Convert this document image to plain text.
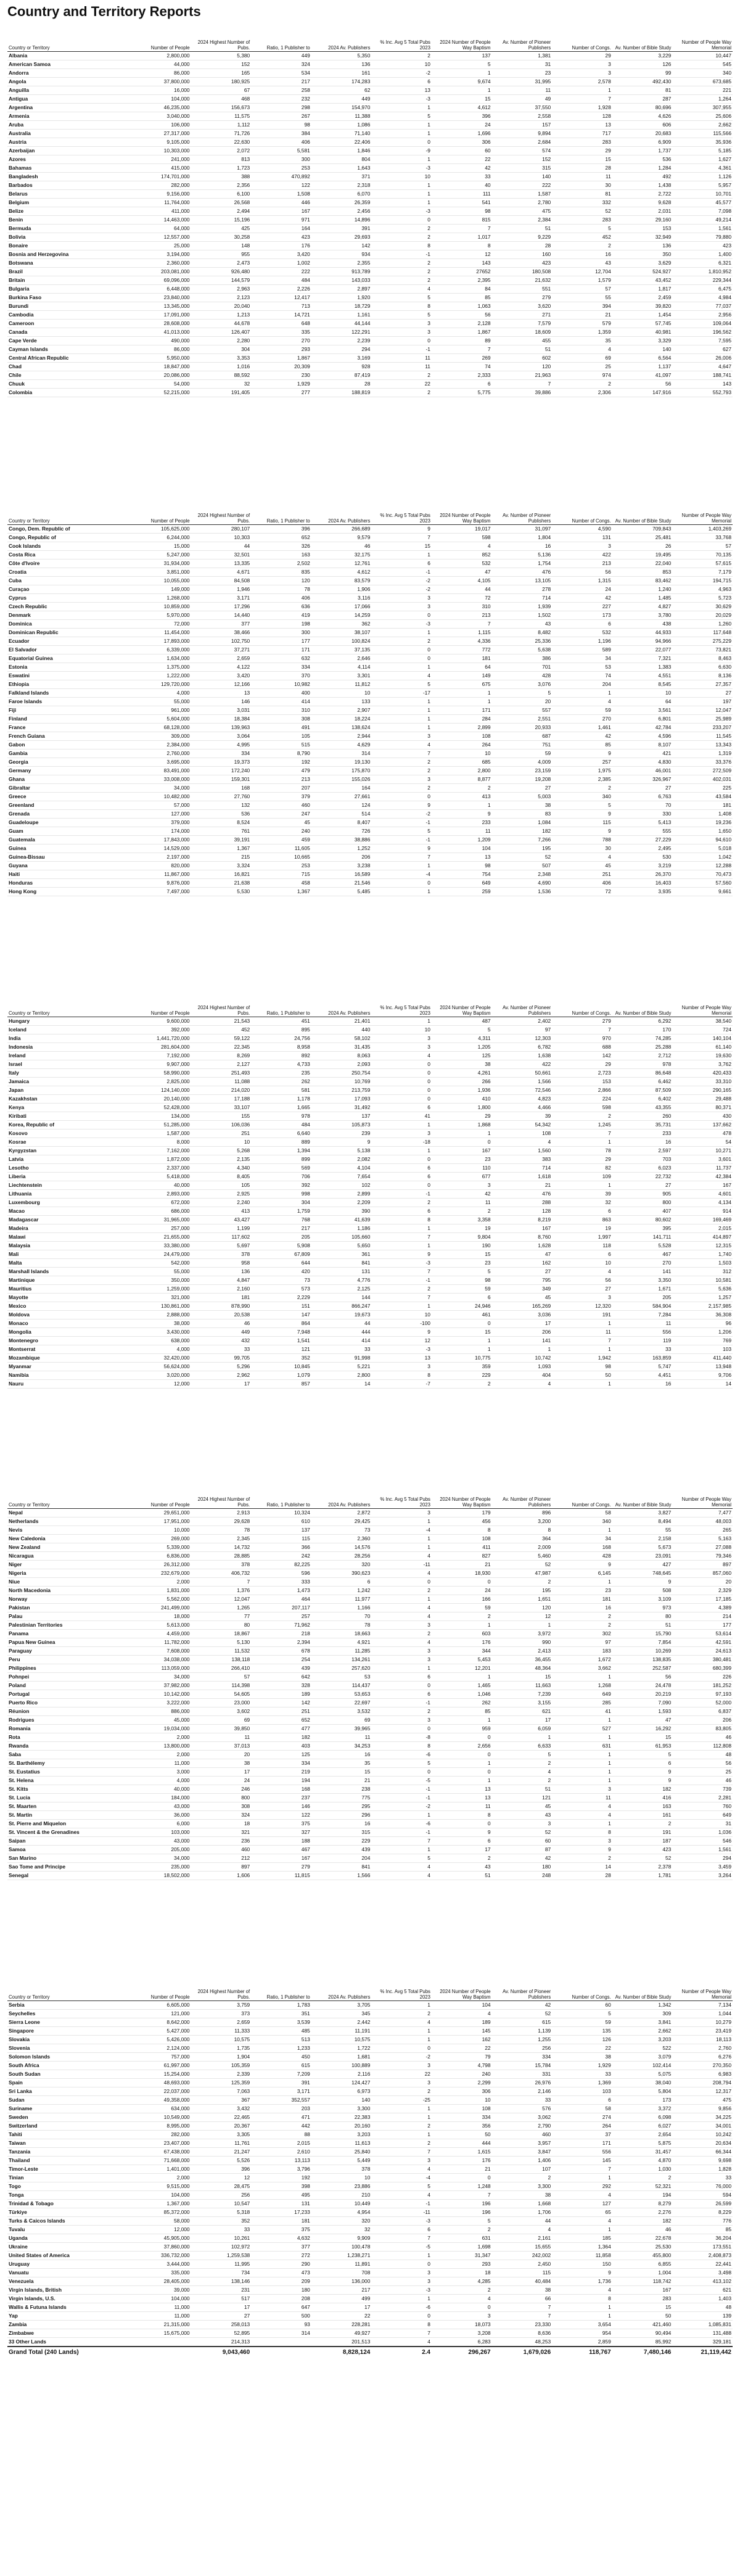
Country and Territory Reports
Country or Territory	Number of People	2024 Highest Number of Pubs.	Ratio, 1 Publisher to	2024 Av. Publishers	% Inc. Avg 5 Total Pubs 2023	2024 Number of People Way Baptism	Av. Number of Pioneer Publishers	Number of Congs.	Av. Number of Bible Study	Number of People Way Memorial
Albania	2,800,000	5,380	449	5,350	2	137	1,381	29	3,229	10,447
American Samoa	44,000	152	324	136	10	5	31	3	126	545
Andorra	86,000	165	534	161	-2	1	23	3	99	340
Angola	37,800,000	180,925	217	174,283	6	9,674	31,995	2,578	492,430	673,685
Anguilla	16,000	67	258	62	13	1	11	1	81	221
Antigua	104,000	468	232	449	-3	15	49	7	287	1,264
Argentina	46,235,000	156,673	298	154,970	1	4,612	37,550	1,928	80,696	307,955
Armenia	3,040,000	11,575	267	11,388	5	396	2,558	128	4,626	25,606
Aruba	106,000	1,112	98	1,086	1	24	157	13	606	2,662
Australia	27,317,000	71,726	384	71,140	1	1,696	9,894	717	20,683	115,566
Austria	9,105,000	22,630	406	22,406	0	306	2,684	283	6,909	35,936
Azerbaijan	10,303,000	2,072	5,581	1,846	-9	60	574	29	1,737	5,185
Azores	241,000	813	300	804	1	22	152	15	536	1,627
Bahamas	415,000	1,723	253	1,643	-3	42	315	28	1,284	4,361
Bangladesh	174,701,000	388	470,892	371	10	33	140	11	492	1,126
Barbados	282,000	2,356	122	2,318	1	40	222	30	1,438	5,957
Belarus	9,156,000	6,100	1,508	6,070	1	111	1,587	81	2,722	10,701
Belgium	11,764,000	26,568	446	26,359	1	541	2,780	332	9,628	45,577
Belize	411,000	2,494	167	2,456	-3	98	475	52	2,031	7,098
Benin	14,463,000	15,196	971	14,896	0	815	2,384	283	29,160	49,214
Bermuda	64,000	425	164	391	2	7	51	5	153	1,561
Bolivia	12,557,000	30,258	423	29,693	2	1,017	9,229	452	32,949	79,880
Bonaire	25,000	148	176	142	8	8	28	2	136	423
Bosnia and Herzegovina	3,194,000	955	3,420	934	-1	12	160	16	350	1,400
Botswana	2,360,000	2,473	1,002	2,355	2	143	423	43	3,629	6,321
Brazil	203,081,000	926,480	222	913,789	2	27652	180,508	12,704	524,927	1,810,952
Britain	69,096,000	144,579	484	143,033	2	2,395	21,632	1,579	43,452	229,344
Bulgaria	6,448,000	2,963	2,226	2,897	4	84	551	57	1,817	6,475
Burkina Faso	23,840,000	2,123	12,417	1,920	5	85	279	55	2,459	4,984
Burundi	13,345,000	20,040	713	18,729	8	1,063	3,620	394	39,820	77,037
Cambodia	17,091,000	1,213	14,721	1,161	5	56	271	21	1,454	2,956
Cameroon	28,608,000	44,678	648	44,144	3	2,128	7,579	579	57,745	109,064
Canada	41,013,000	126,407	335	122,291	3	1,867	18,609	1,359	40,981	196,562
Cape Verde	490,000	2,280	270	2,239	0	89	455	35	3,329	7,595
Cayman Islands	86,000	304	293	294	-1	7	51	4	140	627
Central African Republic	5,950,000	3,353	1,867	3,169	11	269	602	69	6,564	26,006
Chad	18,847,000	1,016	20,309	928	11	74	120	25	1,137	4,647
Chile	20,086,000	88,592	230	87,419	2	2,333	21,963	974	41,097	188,741
Chuuk	54,000	32	1,929	28	22	6	7	2	56	143
Colombia	52,215,000	191,405	277	188,819	2	5,775	39,886	2,306	147,916	552,793
Country or Territory	Number of People	2024 Highest Number of Pubs.	Ratio, 1 Publisher to	2024 Av. Publishers	% Inc. Avg 5 Total Pubs 2023	2024 Number of People Way Baptism	Av. Number of Pioneer Publishers	Number of Congs.	Av. Number of Bible Study	Number of People Way Memorial
Congo, Dem. Republic of	105,625,000	280,107	396	266,689	9	19,017	31,097	4,590	709,843	1,403,269
Congo, Republic of	6,244,000	10,303	652	9,579	7	598	1,804	131	25,481	33,768
Cook Islands	15,000	44	326	46	15	4	16	3	26	57
Costa Rica	5,247,000	32,501	163	32,175	1	852	5,136	422	19,495	70,135
Côte d'Ivoire	31,934,000	13,335	2,502	12,761	6	532	1,754	213	22,040	57,615
Croatia	3,851,000	4,671	835	4,612	-1	47	476	56	853	7,179
Cuba	10,055,000	84,508	120	83,579	-2	4,105	13,105	1,315	83,462	194,715
Curaçao	149,000	1,946	78	1,906	-2	44	278	24	1,240	4,963
Cyprus	1,268,000	3,171	406	3,116	3	72	714	42	1,485	5,723
Czech Republic	10,859,000	17,296	636	17,066	3	310	1,939	227	4,827	30,629
Denmark	5,970,000	14,440	419	14,259	0	213	1,502	173	3,780	20,029
Dominica	72,000	377	198	362	-3	7	43	6	438	1,260
Dominican Republic	11,454,000	38,466	300	38,107	1	1,115	8,482	532	44,933	117,648
Ecuador	17,893,000	102,750	177	100,824	2	4,336	25,336	1,196	94,966	275,229
El Salvador	6,339,000	37,271	171	37,135	0	772	5,638	589	22,077	73,821
Equatorial Guinea	1,634,000	2,659	632	2,646	0	181	386	34	7,321	8,463
Estonia	1,375,000	4,122	334	4,114	1	64	701	53	1,383	6,630
Eswatini	1,222,000	3,420	370	3,301	4	149	428	74	4,551	8,136
Ethiopia	129,720,000	12,166	10,982	11,812	5	675	3,076	204	8,545	27,357
Falkland Islands	4,000	13	400	10	-17	1	5	1	10	27
Faroe Islands	55,000	146	414	133	1	1	20	4	64	197
Fiji	961,000	3,031	310	2,907	1	171	557	59	3,561	12,047
Finland	5,604,000	18,384	308	18,224	1	284	2,551	270	6,801	25,989
France	68,128,000	139,963	491	138,624	1	2,899	20,933	1,461	42,784	233,207
French Guiana	309,000	3,064	105	2,944	3	108	687	42	4,596	11,545
Gabon	2,384,000	4,995	515	4,629	4	264	751	85	8,107	13,343
Gambia	2,760,000	334	8,790	314	7	10	59	9	421	1,319
Georgia	3,695,000	19,373	192	19,130	2	685	4,009	257	4,830	33,376
Germany	83,491,000	172,240	479	175,870	2	2,800	23,159	1,975	46,001	272,509
Ghana	33,008,000	159,301	213	155,026	3	8,877	19,208	2,385	326,967	402,031
Gibraltar	34,000	168	207	164	2	2	27	2	27	225
Greece	10,482,000	27,760	379	27,661	0	413	5,003	340	6,763	43,584
Greenland	57,000	132	460	124	9	1	38	5	70	181
Grenada	127,000	536	247	514	-2	9	83	9	330	1,408
Guadeloupe	379,000	8,524	45	8,407	-1	233	1,084	115	5,413	19,236
Guam	174,000	761	240	726	5	11	182	9	555	1,650
Guatemala	17,843,000	39,191	459	38,886	-1	1,209	7,266	788	27,229	94,610
Guinea	14,529,000	1,367	11,605	1,252	9	104	195	30	2,495	5,018
Guinea-Bissau	2,197,000	215	10,665	206	7	13	52	4	530	1,042
Guyana	820,000	3,324	253	3,238	1	98	507	45	3,219	12,288
Haiti	11,867,000	16,821	715	16,589	-4	754	2,348	251	26,370	70,473
Honduras	9,876,000	21,638	458	21,546	0	649	4,690	406	16,403	57,560
Hong Kong	7,497,000	5,530	1,367	5,485	1	259	1,536	72	3,935	9,661
Country or Territory	Number of People	2024 Highest Number of Pubs.	Ratio, 1 Publisher to	2024 Av. Publishers	% Inc. Avg 5 Total Pubs 2023	2024 Number of People Way Baptism	Av. Number of Pioneer Publishers	Number of Congs.	Av. Number of Bible Study	Number of People Way Memorial
Hungary	9,600,000	21,543	451	21,401	1	487	2,402	279	6,292	38,540
Iceland	392,000	452	895	440	10	5	97	7	170	724
India	1,441,720,000	59,122	24,756	58,102	3	4,311	12,303	970	74,285	140,104
Indonesia	281,604,000	22,345	8,958	31,435	3	1,205	6,782	688	25,288	61,140
Ireland	7,192,000	8,269	892	8,063	4	125	1,638	142	2,712	19,630
Israel	9,907,000	2,127	4,733	2,093	0	38	422	29	978	3,762
Italy	58,990,000	251,493	235	250,754	0	4,261	50,661	2,723	86,648	420,433
Jamaica	2,825,000	11,088	262	10,769	0	266	1,566	153	6,462	33,310
Japan	124,140,000	214,020	581	213,759	0	1,936	72,546	2,866	87,509	290,165
Kazakhstan	20,140,000	17,188	1,178	17,093	0	410	4,823	224	6,402	29,488
Kenya	52,428,000	33,107	1,665	31,492	6	1,800	4,466	598	43,355	80,371
Kiribati	134,000	155	978	137	41	29	39	2	260	430
Korea, Republic of	51,285,000	106,036	484	105,873	1	1,868	54,342	1,245	35,731	137,662
Kosovo	1,587,000	251	6,640	239	3	1	108	7	233	478
Kosrae	8,000	10	889	9	-18	0	4	1	16	54
Kyrgyzstan	7,162,000	5,268	1,394	5,138	1	167	1,560	78	2,597	10,271
Latvia	1,872,000	2,135	899	2,082	0	23	383	29	703	3,601
Lesotho	2,337,000	4,340	569	4,104	6	110	714	82	6,023	11,737
Liberia	5,418,000	8,405	706	7,654	6	677	1,618	109	22,732	42,384
Liechtenstein	40,000	105	392	102	0	3	21	1	27	167
Lithuania	2,893,000	2,925	998	2,899	-1	42	476	39	905	4,601
Luxembourg	672,000	2,240	304	2,209	2	11	288	32	800	4,134
Macao	686,000	413	1,759	390	6	2	128	6	407	914
Madagascar	31,965,000	43,427	768	41,639	8	3,358	8,219	863	80,602	169,469
Madeira	257,000	1,199	217	1,186	1	19	167	19	395	2,015
Malawi	21,655,000	117,602	205	105,660	7	9,804	8,760	1,997	141,711	414,897
Malaysia	33,380,000	5,697	5,908	5,650	1	190	1,628	118	5,528	12,315
Mali	24,479,000	378	67,809	361	9	15	47	6	467	1,740
Malta	542,000	958	644	841	-3	23	162	10	270	1,503
Marshall Islands	55,000	136	420	131	7	5	27	4	141	312
Martinique	350,000	4,847	73	4,776	-1	98	795	56	3,350	10,581
Mauritius	1,259,000	2,160	573	2,125	2	59	349	27	1,671	5,636
Mayotte	321,000	181	2,229	144	7	6	45	3	205	1,257
Mexico	130,861,000	878,990	151	866,247	1	24,946	165,269	12,320	584,904	2,157,985
Moldova	2,888,000	20,538	147	19,673	10	461	3,036	191	7,284	36,308
Monaco	38,000	46	864	44	-100	0	17	1	11	96
Mongolia	3,430,000	449	7,948	444	9	15	206	11	556	1,206
Montenegro	638,000	432	1,541	414	12	1	141	7	119	769
Montserrat	4,000	33	121	33	-3	1	1	1	33	103
Mozambique	32,420,000	99,705	352	91,998	13	10,775	10,742	1,942	163,859	411,440
Myanmar	56,624,000	5,296	10,845	5,221	3	359	1,093	98	5,747	13,948
Namibia	3,020,000	2,962	1,079	2,800	8	229	404	50	4,451	9,706
Nauru	12,000	17	857	14	-7	2	4	1	16	14
Country or Territory	Number of People	2024 Highest Number of Pubs.	Ratio, 1 Publisher to	2024 Av. Publishers	% Inc. Avg 5 Total Pubs 2023	2024 Number of People Way Baptism	Av. Number of Pioneer Publishers	Number of Congs.	Av. Number of Bible Study	Number of People Way Memorial
Nepal	29,651,000	2,913	10,324	2,872	3	179	896	58	3,827	7,477
Netherlands	17,951,000	29,628	610	29,425	1	456	3,200	340	8,494	48,003
Nevis	10,000	78	137	73	-4	8	8	1	55	265
New Caledonia	269,000	2,345	115	2,360	1	108	364	34	2,158	5,163
New Zealand	5,339,000	14,732	366	14,576	1	411	2,009	168	5,673	27,088
Nicaragua	6,836,000	28,885	242	28,256	4	827	5,460	428	23,091	79,346
Niger	26,312,000	378	82,225	320	-11	21	52	9	427	897
Nigeria	232,679,000	406,732	596	390,623	4	18,930	47,987	6,145	748,645	857,060
Niue	2,000	7	333	6	0	0	2	1	9	20
North Macedonia	1,831,000	1,376	1,473	1,242	2	24	195	23	508	2,329
Norway	5,562,000	12,047	464	11,977	1	166	1,651	181	3,109	17,185
Pakistan	241,499,000	1,265	207,117	1,166	4	59	120	16	973	4,389
Palau	18,000	77	257	70	4	2	12	2	80	214
Palestinian Territories	5,613,000	80	71,962	78	3	1	1	2	51	177
Panama	4,459,000	18,867	218	18,663	2	603	3,972	302	15,790	53,614
Papua New Guinea	11,782,000	5,130	2,394	4,921	4	176	990	97	7,854	42,591
Paraguay	7,608,000	11,532	678	11,285	3	344	2,413	183	10,269	24,613
Peru	34,038,000	138,118	254	134,261	3	5,453	36,455	1,672	138,835	380,481
Philippines	113,059,000	266,410	439	257,620	1	12,201	48,364	3,662	252,587	680,399
Pohnpei	34,000	57	642	53	6	1	15	1	56	226
Poland	37,982,000	114,398	328	114,437	0	1,465	11,663	1,268	24,478	181,252
Portugal	10,142,000	54,605	189	53,653	6	1,046	7,239	649	20,219	97,193
Puerto Rico	3,222,000	23,000	142	22,697	-1	262	3,155	285	7,090	52,000
Réunion	886,000	3,602	251	3,532	2	85	621	41	1,593	6,837
Rodrigues	45,000	69	652	69	3	1	17	1	47	206
Romania	19,034,000	39,850	477	39,965	0	959	6,059	527	16,292	83,805
Rota	2,000	11	182	11	-8	0	1	1	15	46
Rwanda	13,800,000	37,013	403	34,253	8	2,656	6,633	631	61,953	112,808
Saba	2,000	20	125	16	-6	0	5	1	5	48
St. Barthélemy	11,000	38	334	35	5	1	2	1	6	56
St. Eustatius	3,000	17	219	15	0	0	4	1	9	25
St. Helena	4,000	24	194	21	-5	1	2	1	9	46
St. Kitts	40,000	246	168	238	-1	13	51	3	182	739
St. Lucia	184,000	800	237	775	-1	13	121	11	416	2,281
St. Maarten	43,000	308	146	295	-2	11	45	4	163	760
St. Martin	36,000	324	122	296	1	8	43	4	161	649
St. Pierre and Miquelon	6,000	18	375	16	-6	0	3	1	2	31
St. Vincent & the Grenadines	103,000	321	327	315	-1	9	52	8	191	1,036
Saipan	43,000	236	188	229	7	6	60	3	187	546
Samoa	205,000	460	467	439	1	17	87	9	423	1,561
San Marino	34,000	212	167	204	5	2	42	2	52	294
Sao Tome and Principe	235,000	897	279	841	4	43	180	14	2,378	3,459
Senegal	18,502,000	1,606	11,815	1,566	4	51	248	28	1,781	3,264
Country or Territory	Number of People	2024 Highest Number of Pubs.	Ratio, 1 Publisher to	2024 Av. Publishers	% Inc. Avg 5 Total Pubs 2023	2024 Number of People Way Baptism	Av. Number of Pioneer Publishers	Number of Congs.	Av. Number of Bible Study	Number of People Way Memorial
Serbia	6,605,000	3,759	1,783	3,705	1	104	42	60	1,342	7,134
Seychelles	121,000	373	351	345	2	4	52	5	309	1,044
Sierra Leone	8,642,000	2,659	3,539	2,442	4	189	615	59	3,841	10,279
Singapore	5,427,000	11,333	485	11,191	1	145	1,139	135	2,662	23,419
Slovakia	5,426,000	10,575	513	10,575	1	162	1,255	126	3,203	18,113
Slovenia	2,124,000	1,735	1,233	1,722	0	22	256	22	522	2,760
Solomon Islands	757,000	1,904	450	1,681	-2	79	334	38	3,079	6,276
South Africa	61,997,000	105,359	615	100,889	3	4,798	15,784	1,929	102,414	270,350
South Sudan	15,254,000	2,339	7,209	2,116	22	240	331	33	5,075	6,983
Spain	48,693,000	125,359	391	124,427	3	2,299	26,976	1,369	38,040	208,794
Sri Lanka	22,037,000	7,063	3,171	6,973	2	306	2,146	103	5,804	12,317
Sudan	49,358,000	367	352,557	140	-25	10	33	6	173	475
Suriname	634,000	3,432	203	3,300	1	108	576	58	3,372	9,856
Sweden	10,549,000	22,465	471	22,383	1	334	3,062	274	6,098	34,225
Switzerland	8,995,000	20,367	442	20,160	2	356	2,790	264	6,027	34,001
Tahiti	282,000	3,305	88	3,203	1	50	460	37	2,654	10,242
Taiwan	23,407,000	11,761	2,015	11,613	2	444	3,957	171	5,875	20,634
Tanzania	67,438,000	21,247	2,610	25,840	7	1,615	3,847	556	31,457	66,344
Thailand	71,668,000	5,526	13,113	5,449	3	176	1,406	145	4,870	9,698
Timor-Leste	1,401,000	396	3,796	378	4	21	107	7	1,030	1,828
Tinian	2,000	12	192	10	-4	0	2	1	2	33
Togo	9,515,000	28,475	398	23,886	5	1,248	3,300	292	52,321	76,000
Tonga	104,000	256	495	210	4	7	38	4	194	594
Trinidad & Tobago	1,367,000	10,547	131	10,449	-1	196	1,668	127	8,279	26,599
Türkiye	85,372,000	5,318	17,233	4,954	-11	196	1,706	65	2,276	8,229
Turks & Caicos Islands	58,000	352	181	320	-3	5	44	4	182	776
Tuvalu	12,000	33	375	32	6	2	4	1	46	85
Uganda	45,905,000	10,261	4,632	9,909	7	631	2,161	185	22,678	36,204
Ukraine	37,860,000	102,972	377	100,478	-5	1,698	15,655	1,364	25,530	173,551
United States of America	336,732,000	1,259,538	272	1,238,271	1	31,347	242,002	11,858	455,800	2,408,873
Uruguay	3,444,000	11,995	290	11,891	0	293	2,450	150	6,855	22,441
Vanuatu	335,000	734	473	708	3	18	115	9	1,004	3,498
Venezuela	28,405,000	138,146	209	136,000	3	4,285	40,484	1,736	118,742	413,102
Virgin Islands, British	39,000	231	180	217	-3	2	38	4	167	621
Virgin Islands, U.S.	104,000	517	208	499	1	4	66	8	283	1,403
Wallis & Futuna Islands	11,000	17	647	17	-6	0	7	1	15	48
Yap	11,000	27	500	22	0	3	7	1	50	139
Zambia	21,315,000	258,013	93	228,281	8	18,073	23,330	3,654	421,460	1,085,831
Zimbabwe	15,675,000	52,895	314	49,927	7	3,208	8,636	954	90,494	131,488
33 Other Lands		214,313		201,513	4	6,283	48,253	2,859	85,992	329,181
Grand Total (240 Lands)		9,043,460		8,828,124	2.4	296,267	1,679,026	118,767	7,480,146	21,119,442
